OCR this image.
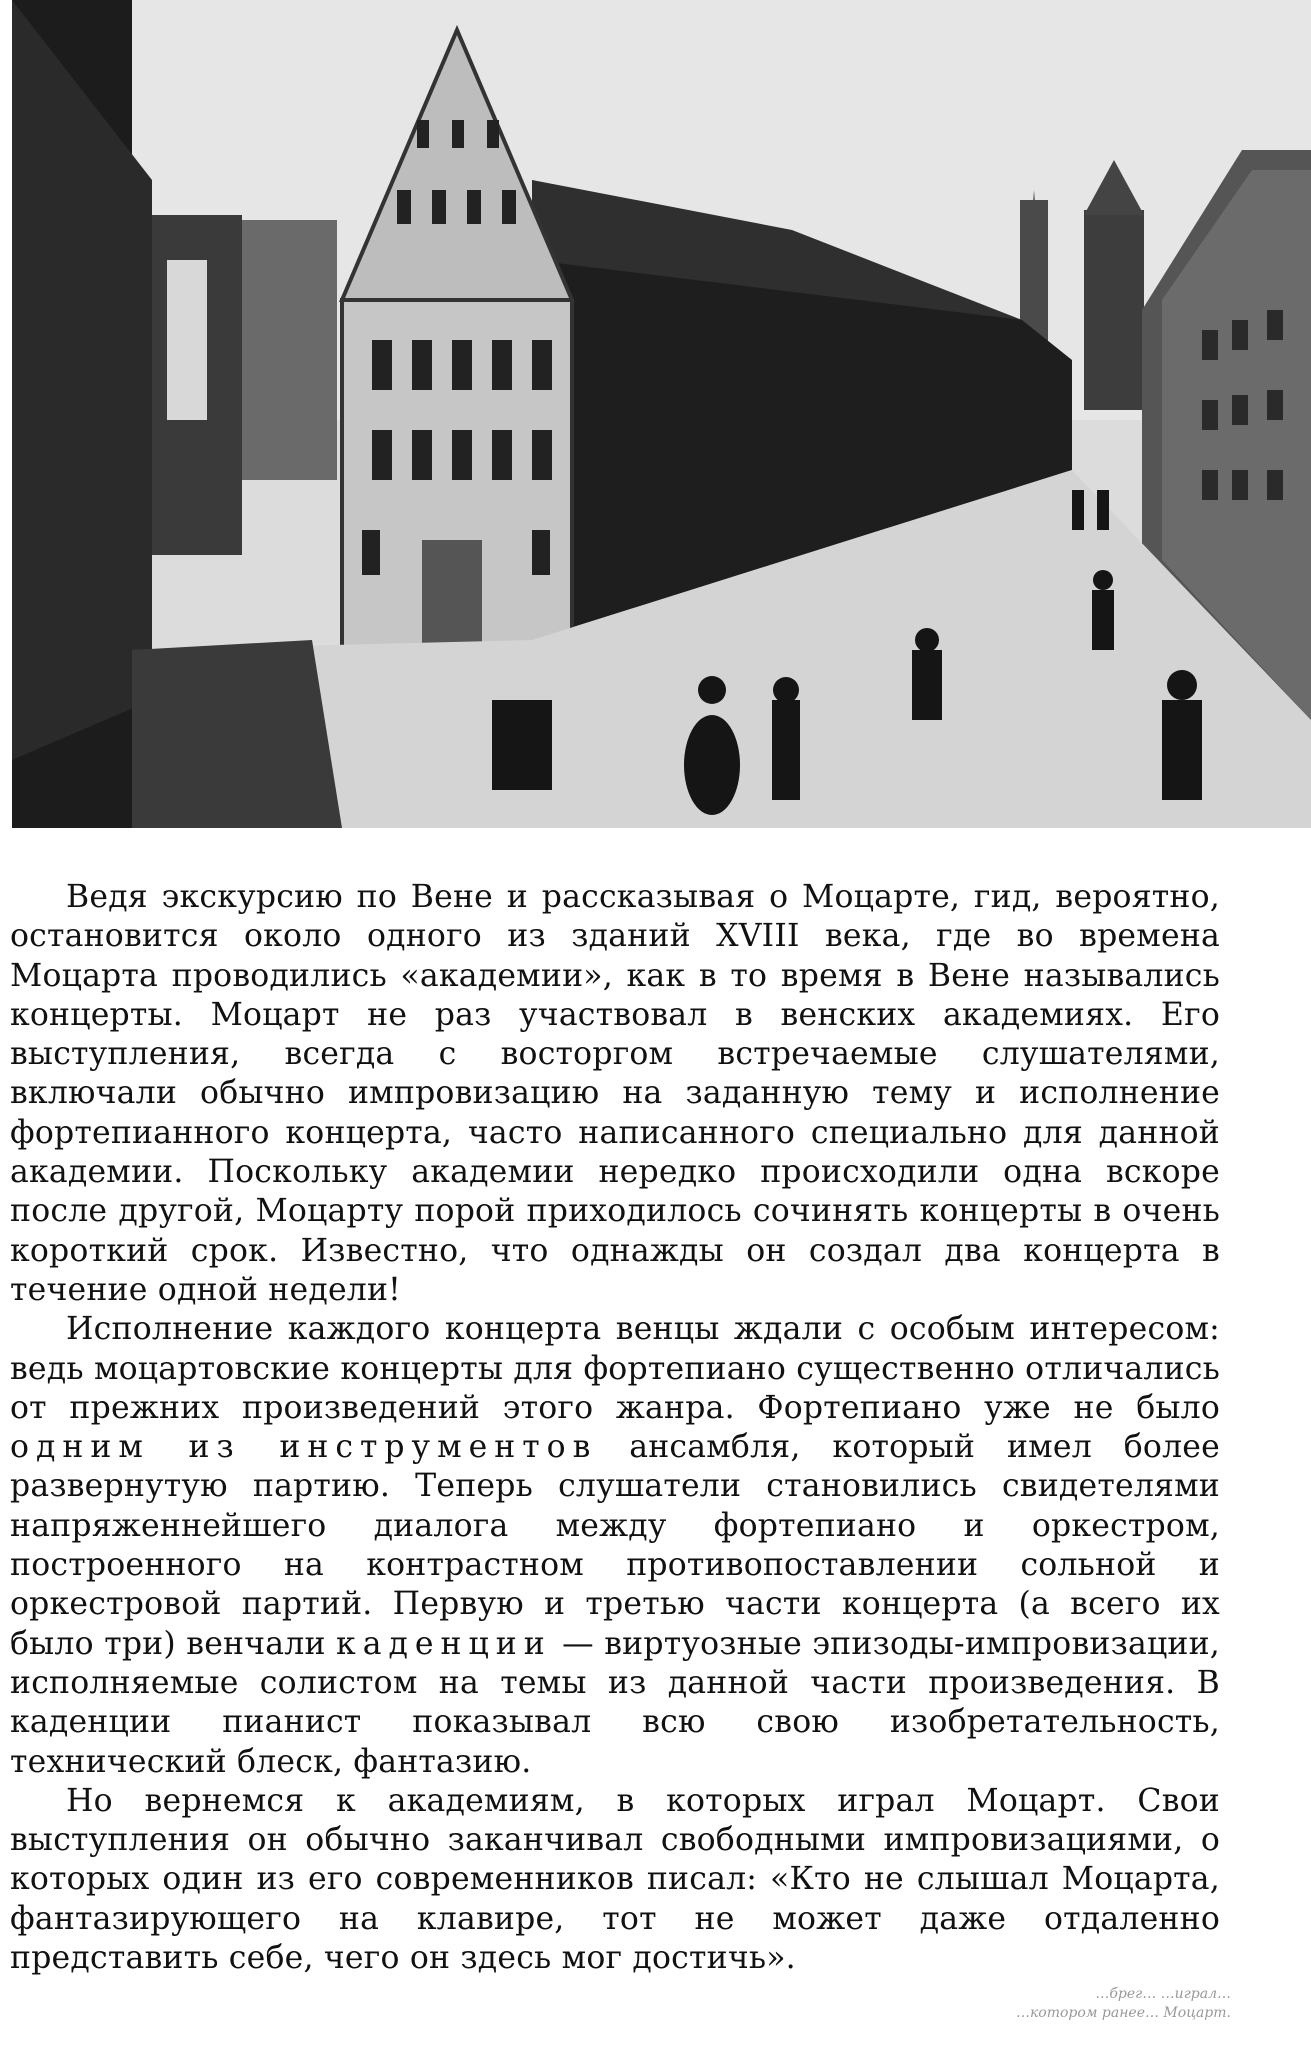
Ведя экскурсию по Вене и рассказывая о Моцарте, гид, вероятно, остановится около одного из зданий XVIII века, где во времена Моцарта проводились «академии», как в то время в Вене назывались концерты. Моцарт не раз участвовал в венских академиях. Его выступления, всегда с восторгом встречаемые слушателями, включали обычно импровизацию на заданную тему и исполнение фортепианного концерта, часто написанного специально для данной академии. Поскольку академии нередко происходили одна вскоре после другой, Моцарту порой приходилось сочинять концерты в очень короткий срок. Известно, что однажды он создал два концерта в течение одной недели!

Исполнение каждого концерта венцы ждали с особым интересом: ведь моцартовские концерты для фортепиано существенно отличались от прежних произведений этого жанра. Фортепиано уже не было одним из инструментов ансамбля, который имел более развернутую партию. Теперь слушатели становились свидетелями напряженнейшего диалога между фортепиано и оркестром, построенного на контрастном противопоставлении сольной и оркестровой партий. Первую и третью части концерта (а всего их было три) венчали каденции — виртуозные эпизоды-импровизации, исполняемые солистом на темы из данной части произведения. В каденции пианист показывал всю свою изобретательность, технический блеск, фантазию.

Но вернемся к академиям, в которых играл Моцарт. Свои выступления он обычно заканчивал свободными импровизациями, о которых один из его современников писал: «Кто не слышал Моцарта, фантазирующего на клавире, тот не может даже отдаленно представить себе, чего он здесь мог достичь».

…брег… …играл…
…котором ранее… Моцарт.
